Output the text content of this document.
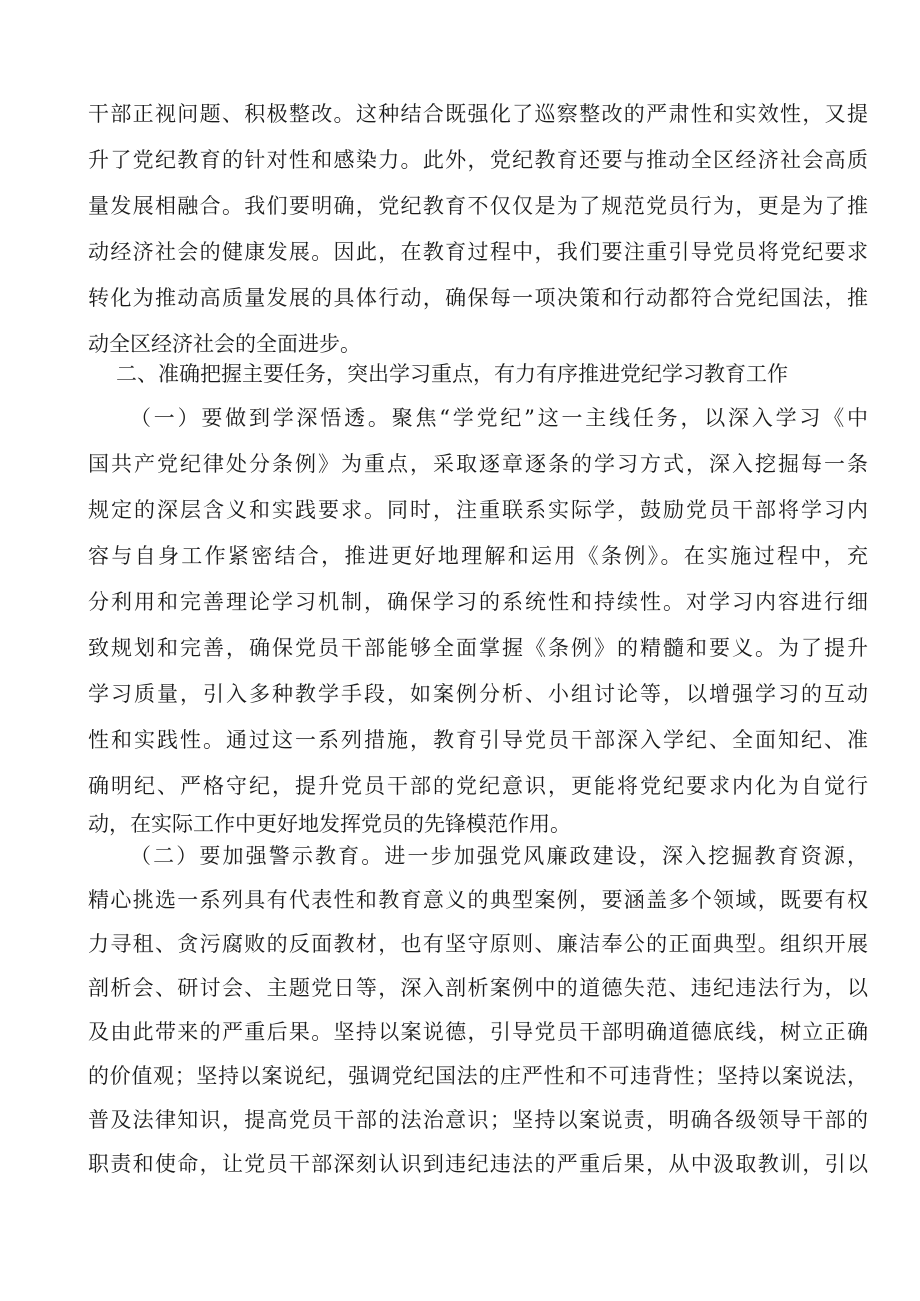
干部正视问题、积极整改。这种结合既强化了巡察整改的严肃性和实效性，又提
升了党纪教育的针对性和感染力。此外，党纪教育还要与推动全区经济社会高质
量发展相融合。我们要明确，党纪教育不仅仅是为了规范党员行为，更是为了推
动经济社会的健康发展。因此，在教育过程中，我们要注重引导党员将党纪要求
转化为推动高质量发展的具体行动，确保每一项决策和行动都符合党纪国法，推
动全区经济社会的全面进步。
二、准确把握主要任务，突出学习重点，有力有序推进党纪学习教育工作
（一）要做到学深悟透。聚焦“学党纪”这一主线任务，以深入学习《中
国共产党纪律处分条例》为重点，采取逐章逐条的学习方式，深入挖掘每一条
规定的深层含义和实践要求。同时，注重联系实际学，鼓励党员干部将学习内
容与自身工作紧密结合，推进更好地理解和运用《条例》。在实施过程中，充
分利用和完善理论学习机制，确保学习的系统性和持续性。对学习内容进行细
致规划和完善，确保党员干部能够全面掌握《条例》的精髓和要义。为了提升
学习质量，引入多种教学手段，如案例分析、小组讨论等，以增强学习的互动
性和实践性。通过这一系列措施，教育引导党员干部深入学纪、全面知纪、准
确明纪、严格守纪，提升党员干部的党纪意识，更能将党纪要求内化为自觉行
动，在实际工作中更好地发挥党员的先锋模范作用。
（二）要加强警示教育。进一步加强党风廉政建设，深入挖掘教育资源，
精心挑选一系列具有代表性和教育意义的典型案例，要涵盖多个领域，既要有权
力寻租、贪污腐败的反面教材，也有坚守原则、廉洁奉公的正面典型。组织开展
剖析会、研讨会、主题党日等，深入剖析案例中的道德失范、违纪违法行为，以
及由此带来的严重后果。坚持以案说德，引导党员干部明确道德底线，树立正确
的价值观；坚持以案说纪，强调党纪国法的庄严性和不可违背性；坚持以案说法，
普及法律知识，提高党员干部的法治意识；坚持以案说责，明确各级领导干部的
职责和使命，让党员干部深刻认识到违纪违法的严重后果，从中汲取教训，引以
